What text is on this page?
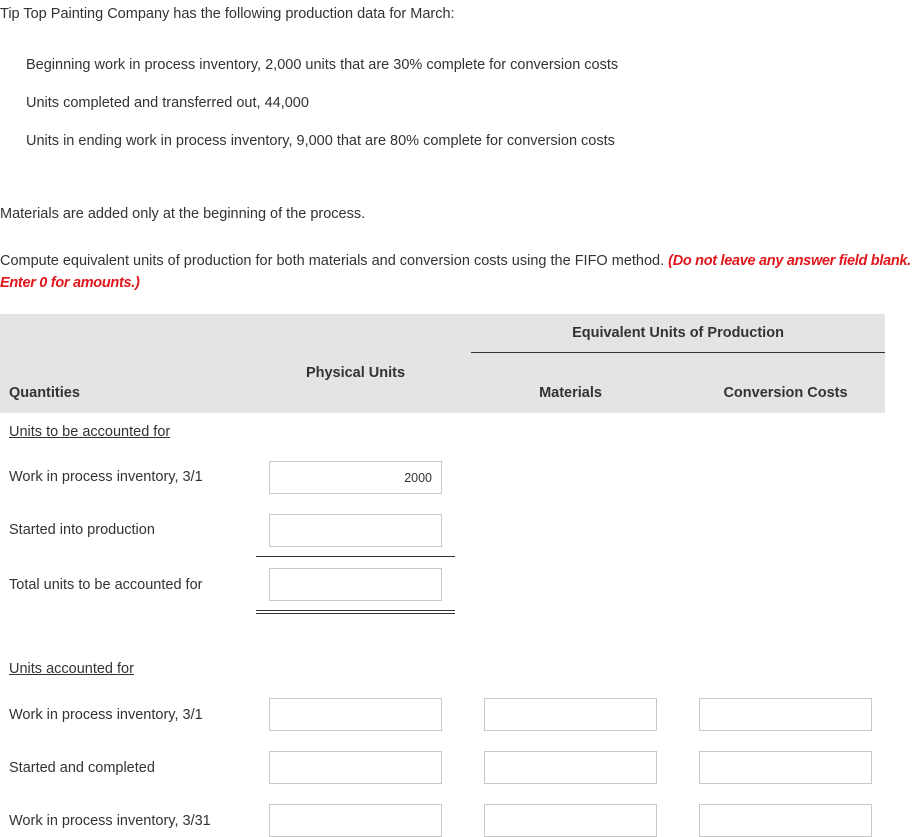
Tip Top Painting Company has the following production data for March:
Beginning work in process inventory, 2,000 units that are 30% complete for conversion costs
Units completed and transferred out, 44,000
Units in ending work in process inventory, 9,000 that are 80% complete for conversion costs
Materials are added only at the beginning of the process.
Compute equivalent units of production for both materials and conversion costs using the FIFO method. (Do not leave any answer field blank. Enter 0 for amounts.)
Equivalent Units of Production
Physical Units
Quantities	Materials	Conversion Costs
Units to be accounted for
Work in process inventory, 3/1
2000
Started into production
Total units to be accounted for
Units accounted for
Work in process inventory, 3/1
Started and completed
Work in process inventory, 3/31
